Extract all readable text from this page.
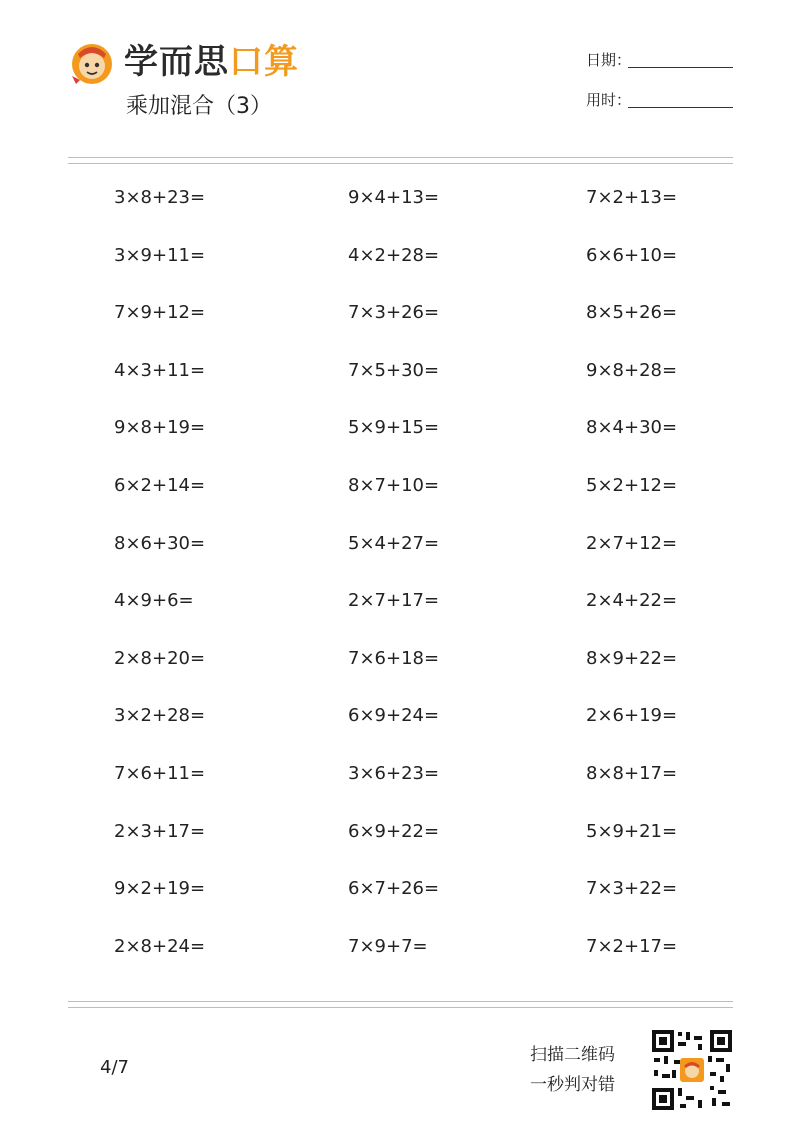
学而思口算
乘加混合（3）
日期：
用时：
3×8+23=	9×4+13=	7×2+13=
3×9+11=	4×2+28=	6×6+10=
7×9+12=	7×3+26=	8×5+26=
4×3+11=	7×5+30=	9×8+28=
9×8+19=	5×9+15=	8×4+30=
6×2+14=	8×7+10=	5×2+12=
8×6+30=	5×4+27=	2×7+12=
4×9+6=	2×7+17=	2×4+22=
2×8+20=	7×6+18=	8×9+22=
3×2+28=	6×9+24=	2×6+19=
7×6+11=	3×6+23=	8×8+17=
2×3+17=	6×9+22=	5×9+21=
9×2+19=	6×7+26=	7×3+22=
2×8+24=	7×9+7=	7×2+17=
4/7
扫描二维码
一秒判对错
